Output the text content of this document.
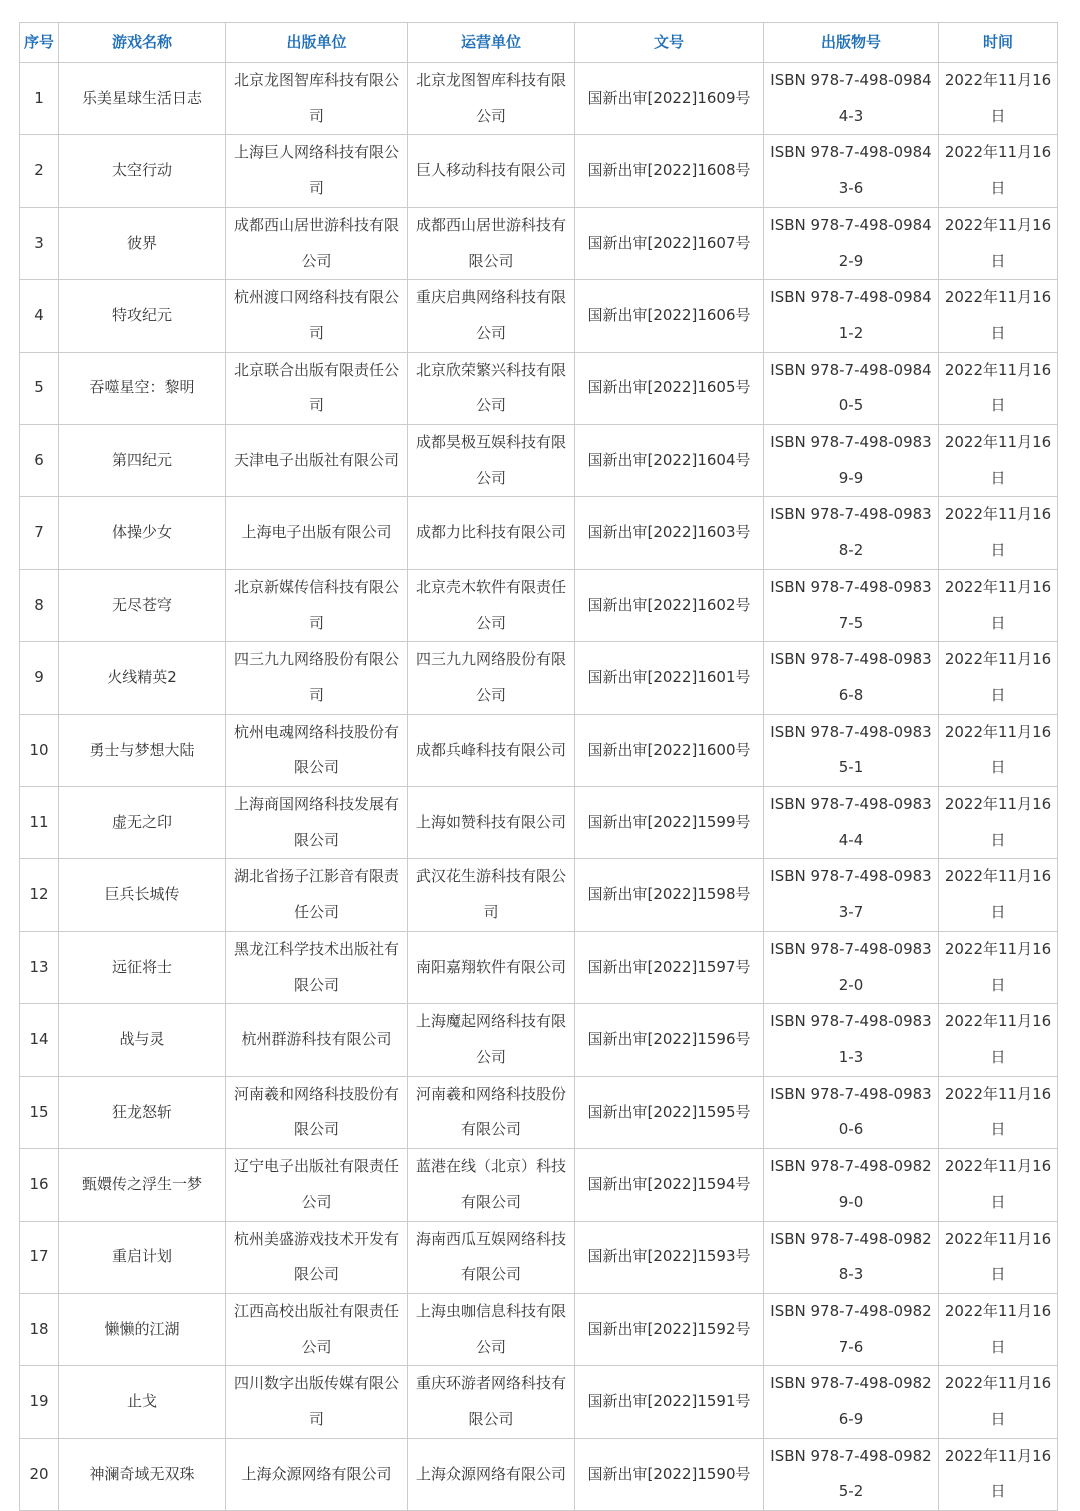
序号	游戏名称	出版单位	运营单位	文号	出版物号	时间
1	乐美星球生活日志	北京龙图智库科技有限公司	北京龙图智库科技有限公司	国新出审[2022]1609号	ISBN 978-7-498-09844-3	2022年11月16日
2	太空行动	上海巨人网络科技有限公司	巨人移动科技有限公司	国新出审[2022]1608号	ISBN 978-7-498-09843-6	2022年11月16日
3	彼界	成都西山居世游科技有限公司	成都西山居世游科技有限公司	国新出审[2022]1607号	ISBN 978-7-498-09842-9	2022年11月16日
4	特攻纪元	杭州渡口网络科技有限公司	重庆启典网络科技有限公司	国新出审[2022]1606号	ISBN 978-7-498-09841-2	2022年11月16日
5	吞噬星空：黎明	北京联合出版有限责任公司	北京欣荣繁兴科技有限公司	国新出审[2022]1605号	ISBN 978-7-498-09840-5	2022年11月16日
6	第四纪元	天津电子出版社有限公司	成都昊极互娱科技有限公司	国新出审[2022]1604号	ISBN 978-7-498-09839-9	2022年11月16日
7	体操少女	上海电子出版有限公司	成都力比科技有限公司	国新出审[2022]1603号	ISBN 978-7-498-09838-2	2022年11月16日
8	无尽苍穹	北京新媒传信科技有限公司	北京壳木软件有限责任公司	国新出审[2022]1602号	ISBN 978-7-498-09837-5	2022年11月16日
9	火线精英2	四三九九网络股份有限公司	四三九九网络股份有限公司	国新出审[2022]1601号	ISBN 978-7-498-09836-8	2022年11月16日
10	勇士与梦想大陆	杭州电魂网络科技股份有限公司	成都兵峰科技有限公司	国新出审[2022]1600号	ISBN 978-7-498-09835-1	2022年11月16日
11	虚无之印	上海商国网络科技发展有限公司	上海如赞科技有限公司	国新出审[2022]1599号	ISBN 978-7-498-09834-4	2022年11月16日
12	巨兵长城传	湖北省扬子江影音有限责任公司	武汉花生游科技有限公司	国新出审[2022]1598号	ISBN 978-7-498-09833-7	2022年11月16日
13	远征将士	黑龙江科学技术出版社有限公司	南阳嘉翔软件有限公司	国新出审[2022]1597号	ISBN 978-7-498-09832-0	2022年11月16日
14	战与灵	杭州群游科技有限公司	上海魔起网络科技有限公司	国新出审[2022]1596号	ISBN 978-7-498-09831-3	2022年11月16日
15	狂龙怒斩	河南羲和网络科技股份有限公司	河南羲和网络科技股份有限公司	国新出审[2022]1595号	ISBN 978-7-498-09830-6	2022年11月16日
16	甄嬛传之浮生一梦	辽宁电子出版社有限责任公司	蓝港在线（北京）科技有限公司	国新出审[2022]1594号	ISBN 978-7-498-09829-0	2022年11月16日
17	重启计划	杭州美盛游戏技术开发有限公司	海南西瓜互娱网络科技有限公司	国新出审[2022]1593号	ISBN 978-7-498-09828-3	2022年11月16日
18	懒懒的江湖	江西高校出版社有限责任公司	上海虫咖信息科技有限公司	国新出审[2022]1592号	ISBN 978-7-498-09827-6	2022年11月16日
19	止戈	四川数字出版传媒有限公司	重庆环游者网络科技有限公司	国新出审[2022]1591号	ISBN 978-7-498-09826-9	2022年11月16日
20	神澜奇域无双珠	上海众源网络有限公司	上海众源网络有限公司	国新出审[2022]1590号	ISBN 978-7-498-09825-2	2022年11月16日
